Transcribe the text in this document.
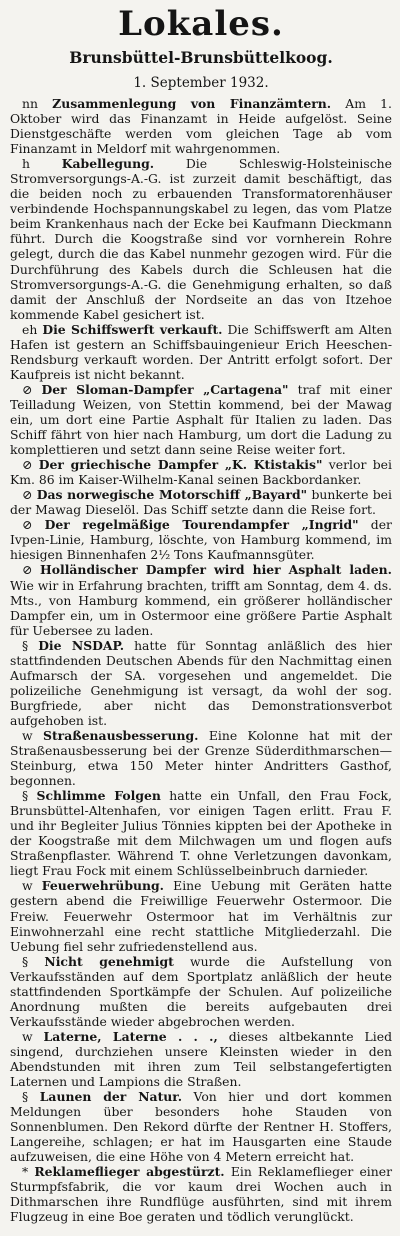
Lokales.
Brunsbüttel-Brunsbüttelkoog.
1. September 1932.

nn Zusammenlegung von Finanzämtern. Am 1. Oktober wird das Finanzamt in Heide aufgelöst. Seine Dienstgeschäfte werden vom gleichen Tage ab vom Finanzamt in Meldorf mit wahrgenommen.

h	Kabellegung.	Die Schleswig-Holsteinische Stromversorgungs-A.-G. ist zurzeit damit beschäftigt, das die beiden noch zu erbauenden Transformatorenhäuser verbindende Hochspannungskabel zu legen, das vom Platze beim Krankenhaus nach der Ecke bei Kaufmann Dieckmann führt. Durch die Koogstraße sind vor vornherein Rohre gelegt, durch die das Kabel nunmehr gezogen wird. Für die Durchführung des Kabels durch die Schleusen hat die Stromversorgungs-A.-G. die Genehmigung erhalten, so daß damit der Anschluß der Nordseite an das von Itzehoe kommende Kabel gesichert ist.

eh Die Schiffswerft verkauft. Die Schiffswerft am Alten Hafen ist gestern an Schiffsbauingenieur Erich Heeschen-Rendsburg verkauft worden. Der Antritt erfolgt sofort. Der Kaufpreis ist nicht bekannt.

⊘ Der Sloman-Dampfer „Cartagena" traf mit einer Teilladung Weizen, von Stettin kommend, bei der Mawag ein, um dort eine Partie Asphalt für Italien zu laden. Das Schiff fährt von hier nach Hamburg, um dort die Ladung zu komplettieren und setzt dann seine Reise weiter fort.

⊘ Der griechische Dampfer „K. Ktistakis" verlor bei Km. 86 im Kaiser-Wilhelm-Kanal seinen Backbordanker.

⊘ Das norwegische Motorschiff „Bayard" bunkerte bei der Mawag Dieselöl. Das Schiff setzte dann die Reise fort.

⊘ Der regelmäßige Tourendampfer „Ingrid" der Ivpen-Linie, Hamburg, löschte, von Hamburg kommend, im hiesigen Binnenhafen 2½ Tons Kaufmannsgüter.

⊘ Holländischer Dampfer wird hier Asphalt laden. Wie wir in Erfahrung brachten, trifft am Sonntag, dem 4. ds. Mts., von Hamburg kommend, ein größerer holländischer Dampfer ein, um in Ostermoor eine größere Partie Asphalt für Uebersee zu laden.

§ Die NSDAP. hatte für Sonntag anläßlich des hier stattfindenden Deutschen Abends für den Nachmittag einen Aufmarsch der SA. vorgesehen und angemeldet. Die polizeiliche Genehmigung ist versagt, da wohl der sog. Burgfriede, aber nicht das Demonstrationsverbot aufgehoben ist.

w Straßenausbesserung. Eine Kolonne hat mit der Straßenausbesserung bei der Grenze Süderdithmarschen—Steinburg, etwa 150 Meter hinter Andritters Gasthof, begonnen.

§ Schlimme Folgen hatte ein Unfall, den Frau Fock, Brunsbüttel-Altenhafen, vor einigen Tagen erlitt. Frau F. und ihr Begleiter Julius Tönnies kippten bei der Apotheke in der Koogstraße mit dem Milchwagen um und flogen aufs Straßenpflaster. Während T. ohne Verletzungen davonkam, liegt Frau Fock mit einem Schlüsselbeinbruch darnieder.

w Feuerwehrübung. Eine Uebung mit Geräten hatte gestern abend die Freiwillige Feuerwehr Ostermoor. Die Freiw. Feuerwehr Ostermoor hat im Verhältnis zur Einwohnerzahl eine recht stattliche Mitgliederzahl. Die Uebung fiel sehr zufriedenstellend aus.

§ Nicht genehmigt wurde die Aufstellung von Verkaufsständen auf dem Sportplatz anläßlich der heute stattfindenden Sportkämpfe der Schulen. Auf polizeiliche Anordnung mußten die bereits aufgebauten drei Verkaufsstände wieder abgebrochen werden.

w Laterne, Laterne . . ., dieses altbekannte Lied singend, durchziehen unsere Kleinsten wieder in den Abendstunden mit ihren zum Teil selbstangefertigten Laternen und Lampions die Straßen.

§ Launen der Natur. Von hier und dort kommen Meldungen über besonders hohe Stauden von Sonnenblumen. Den Rekord dürfte der Rentner H. Stoffers, Langereihe, schlagen; er hat im Hausgarten eine Staude aufzuweisen, die eine Höhe von 4 Metern erreicht hat.

* Reklameflieger abgestürzt. Ein Reklameflieger einer Sturmpfsfabrik, die vor kaum drei Wochen auch in Dithmarschen ihre Rundflüge ausführten, sind mit ihrem Flugzeug in eine Boe geraten und tödlich verunglückt.
